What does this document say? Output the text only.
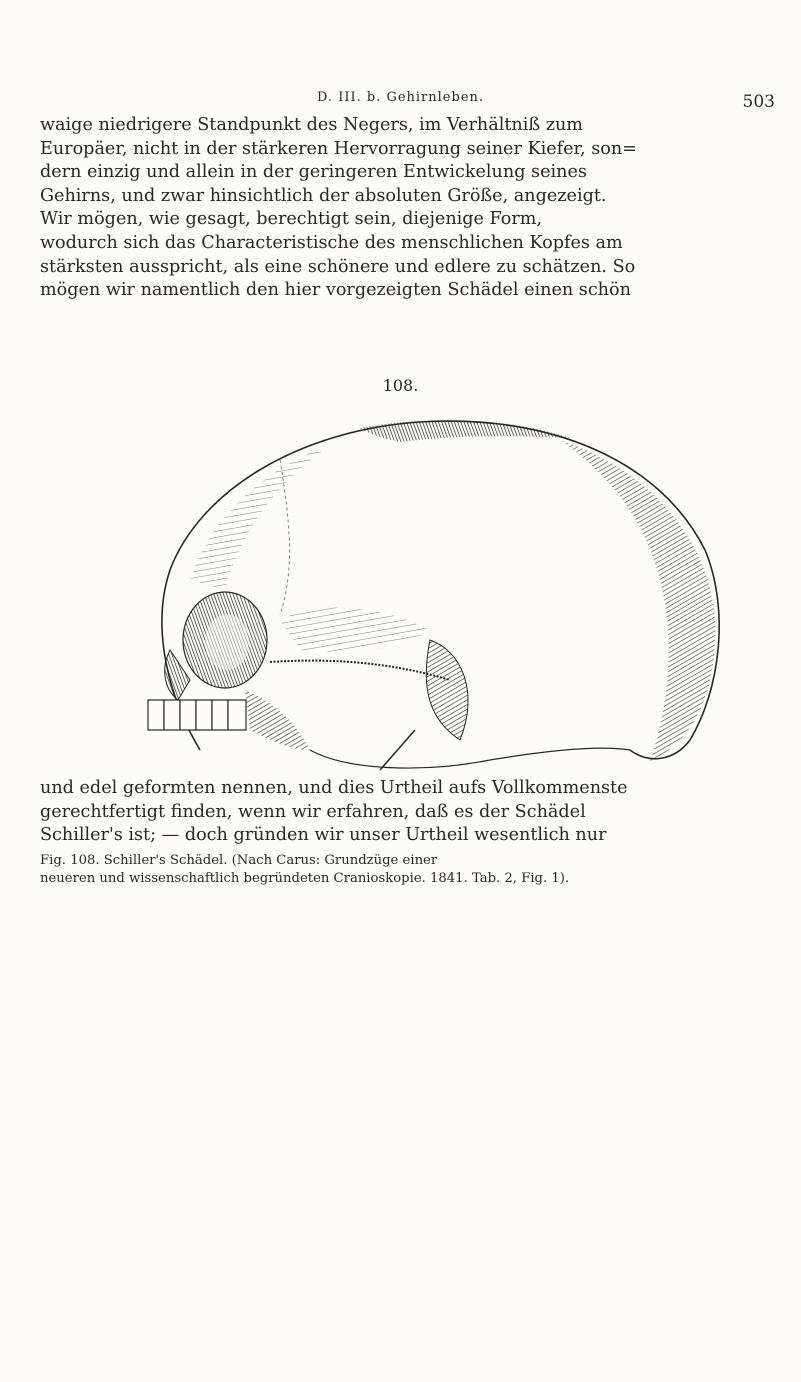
D. III. b. Gehirnleben.	503
waige niedrigere Standpunkt des Negers, im Verhältniß zum
Europäer, nicht in der stärkeren Hervorragung seiner Kiefer, son=
dern einzig und allein in der geringeren Entwickelung seines
Gehirns, und zwar hinsichtlich der absoluten Größe, angezeigt.
Wir mögen, wie gesagt, berechtigt sein, diejenige Form,
wodurch sich das Characteristische des menschlichen Kopfes am
stärksten ausspricht, als eine schönere und edlere zu schätzen. So
mögen wir namentlich den hier vorgezeigten Schädel einen schön
108.
und edel geformten nennen, und dies Urtheil aufs Vollkommenste
gerechtfertigt finden, wenn wir erfahren, daß es der Schädel
Schiller's ist; — doch gründen wir unser Urtheil wesentlich nur
Fig. 108. Schiller's Schädel. (Nach Carus: Grundzüge einer
neueren und wissenschaftlich begründeten Cranioskopie. 1841. Tab. 2, Fig. 1).
